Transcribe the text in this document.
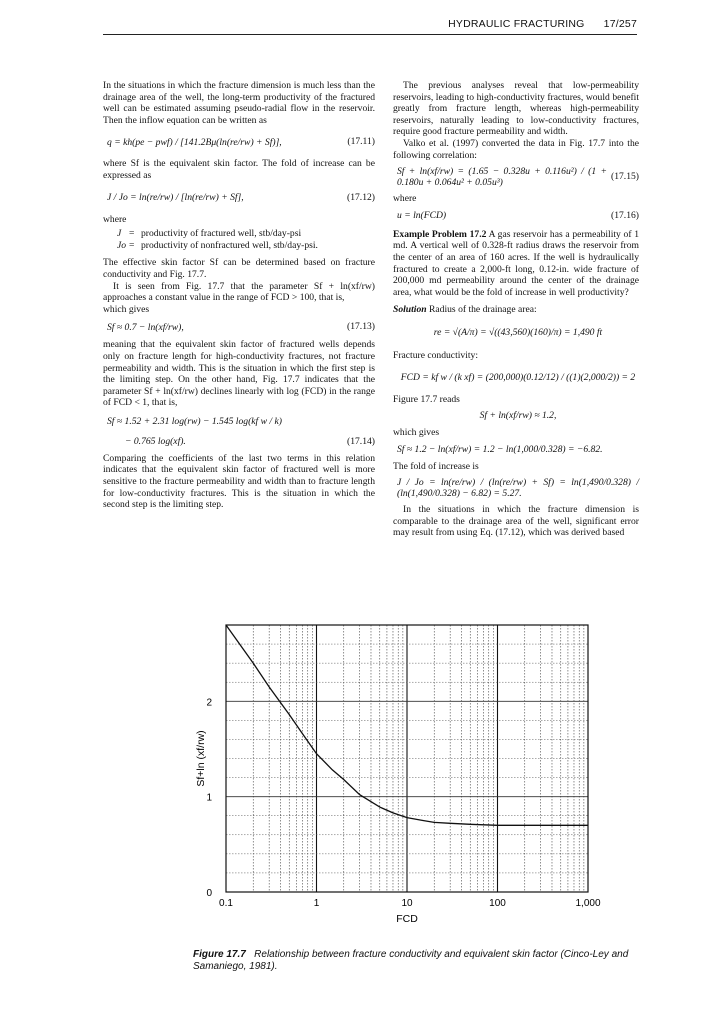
HYDRAULIC FRACTURING 17/257

In the situations in which the fracture dimension is much less than the drainage area of the well, the long-term productivity of the fractured well can be estimated assuming pseudo-radial flow in the reservoir. Then the inflow equation can be written as

q = kh(pe − pwf) / [141.2Bμ(ln(re/rw) + Sf)],	(17.11)

where Sf is the equivalent skin factor. The fold of increase can be expressed as

J / Jo = ln(re/rw) / [ln(re/rw) + Sf],	(17.12)

where

J = productivity of fractured well, stb/day-psi
Jo = productivity of nonfractured well, stb/day-psi.

The effective skin factor Sf can be determined based on fracture conductivity and Fig. 17.7.

It is seen from Fig. 17.7 that the parameter Sf + ln(xf/rw) approaches a constant value in the range of FCD > 100, that is,

which gives

Sf ≈ 0.7 − ln(xf/rw),	(17.13)

meaning that the equivalent skin factor of fractured wells depends only on fracture length for high-conductivity fractures, not fracture permeability and width. This is the situation in which the first step is the limiting step. On the other hand, Fig. 17.7 indicates that the parameter Sf + ln(xf/rw) declines linearly with log (FCD) in the range of FCD < 1, that is,

Sf ≈ 1.52 + 2.31 log(rw) − 1.545 log(kf w / k)
− 0.765 log(xf).	(17.14)

Comparing the coefficients of the last two terms in this relation indicates that the equivalent skin factor of fractured well is more sensitive to the fracture permeability and width than to fracture length for low-conductivity fractures. This is the situation in which the second step is the limiting step.

The previous analyses reveal that low-permeability reservoirs, leading to high-conductivity fractures, would benefit greatly from fracture length, whereas high-permeability reservoirs, naturally leading to low-conductivity fractures, require good fracture permeability and width.

Valko et al. (1997) converted the data in Fig. 17.7 into the following correlation:

Sf + ln(xf/rw) = (1.65 − 0.328u + 0.116u²) / (1 + 0.180u + 0.064u² + 0.05u³)
(17.15)

where

u = ln(FCD)	(17.16)

Example Problem 17.2 A gas reservoir has a permeability of 1 md. A vertical well of 0.328-ft radius draws the reservoir from the center of an area of 160 acres. If the well is hydraulically fractured to create a 2,000-ft long, 0.12-in. wide fracture of 200,000 md permeability around the center of the drainage area, what would be the fold of increase in well productivity?

Solution Radius of the drainage area:

re = √(A/π) = √((43,560)(160)/π) = 1,490 ft

Fracture conductivity:

FCD = kf w / (k xf) = (200,000)(0.12/12) / ((1)(2,000/2)) = 2

Figure 17.7 reads

Sf + ln(xf/rw) ≈ 1.2,

which gives

Sf ≈ 1.2 − ln(xf/rw) = 1.2 − ln(1,000/0.328) = −6.82.

The fold of increase is

J / Jo = ln(re/rw) / (ln(re/rw) + Sf) = ln(1,490/0.328) / (ln(1,490/0.328) − 6.82) = 5.27.

In the situations in which the fracture dimension is comparable to the drainage area of the well, significant error may result from using Eq. (17.12), which was derived based

0.1	1	10	100	1,000
0
1
2
Sf+ln (xf/rw)
FCD
Figure 17.7 Relationship between fracture conductivity and equivalent skin factor (Cinco-Ley and Samaniego, 1981).
